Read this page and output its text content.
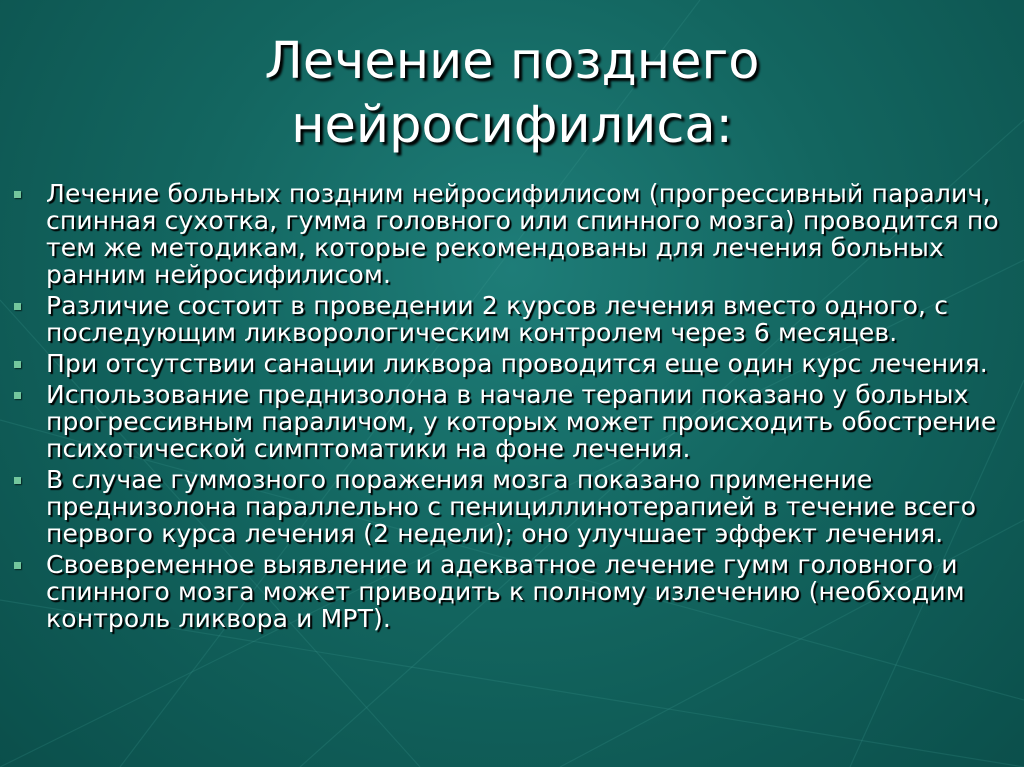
Лечение позднего
нейросифилиса:
Лечение больных поздним нейросифилисом (прогрессивный паралич, спинная сухотка, гумма головного или спинного мозга) проводится по тем же методикам, которые рекомендованы для лечения больных ранним нейросифилисом.
Различие состоит в проведении 2 курсов лечения вместо одного, с последующим ликворологическим контролем через 6 месяцев.
При отсутствии санации ликвора проводится еще один курс лечения.
Использование преднизолона в начале терапии показано у больных прогрессивным параличом, у которых может происходить обострение психотической симптоматики на фоне лечения.
В случае гуммозного поражения мозга показано применение преднизолона параллельно с пенициллинотерапией в течение всего первого курса лечения (2 недели); оно улучшает эффект лечения.
Своевременное выявление и адекватное лечение гумм головного и спинного мозга может приводить к полному излечению (необходим контроль ликвора и МРТ).
